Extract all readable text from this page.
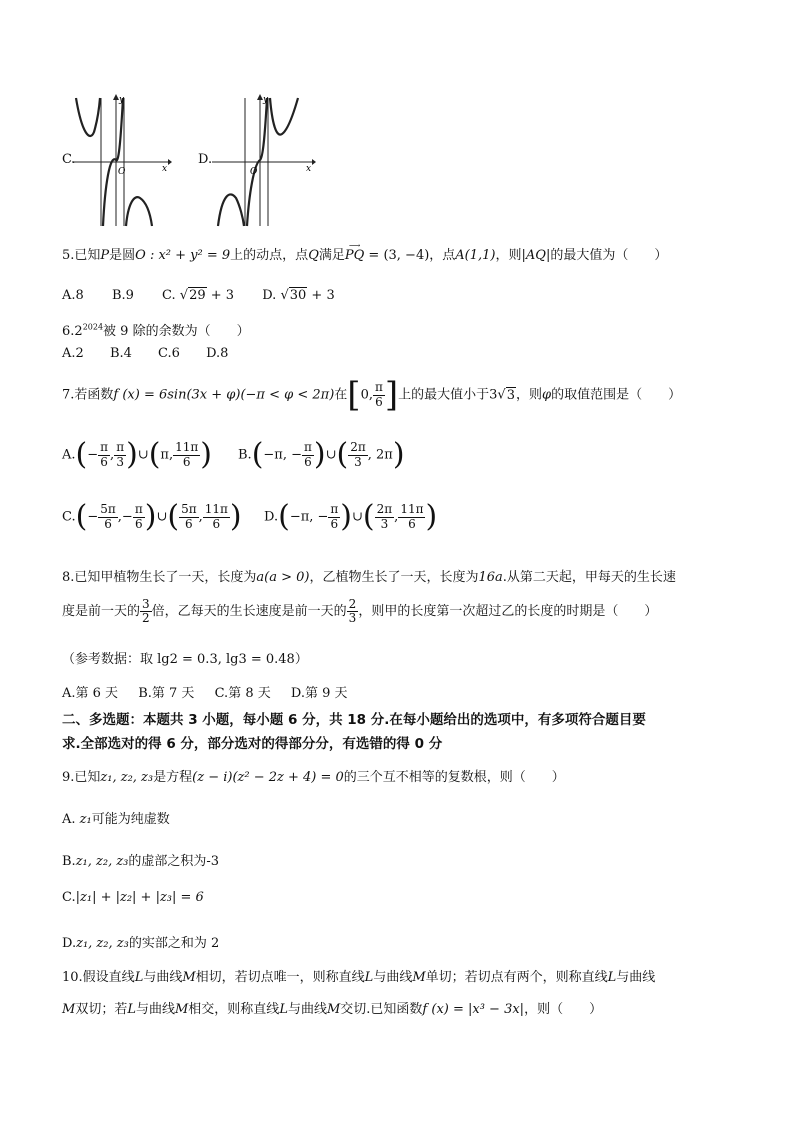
C.
O	x
y
D.
O	x
y
5.已知P是圆O : x² + y² = 9上的动点，点Q满足
⟶
PQ = (3, −4)，点A(1,1)，则|AQ|的最大值为（　　）
A.8 B.9 C. √29 + 3 D. √30 + 3
$6.2^{2024}$被 9 除的余数为（　　）
A.2 B.4 C.6 D.8
7.若函数f (x) = 6sin(3x + φ)(−π < φ < 2π)在[0, $\frac{\pi}{6}$ ]上的最大值小于3√3，则φ的取值范围是（　　）
$A.(- \frac{\pi}{6}$ , $\frac{\pi}{3}$ )∪(π, $\frac{11\pi}{6}$ ) B.(−π, − $\frac{\pi}{6}$ )∪( $\frac{2\pi}{3}$ , 2π)
$C.(- \frac{5\pi}{6}$ ,− $\frac{\pi}{6}$ )∪( $\frac{5\pi}{6}$ , $\frac{11\pi}{6}$ ) D.(−π, − $\frac{\pi}{6}$ )∪( $\frac{2\pi}{3}$ , $\frac{11\pi}{6}$ )
8.已知甲植物生长了一天，长度为a(a > 0)，乙植物生长了一天，长度为16a.从第二天起，甲每天的生长速
度是前一天的 $\frac{3}{2}$ 倍，乙每天的生长速度是前一天的 $\frac{2}{3}$ ，则甲的长度第一次超过乙的长度的时期是（　　）
（参考数据：取 lg2 = 0.3, lg3 = 0.48）
A.第 6 天 B.第 7 天 C.第 8 天 D.第 9 天
二、多选题：本题共 3 小题，每小题 6 分，共 18 分.在每小题给出的选项中，有多项符合题目要
求.全部选对的得 6 分，部分选对的得部分分，有选错的得 0 分
9.已知z₁, z₂, z₃是方程(z − i)(z² − 2z + 4) = 0的三个互不相等的复数根，则（　　）
A. z₁可能为纯虚数
B.z₁, z₂, z₃的虚部之积为-3
C.|z₁| + |z₂| + |z₃| = 6
D.z₁, z₂, z₃的实部之和为 2
10.假设直线L与曲线M相切，若切点唯一，则称直线L与曲线M单切；若切点有两个，则称直线L与曲线
M双切；若L与曲线M相交，则称直线L与曲线M交切.已知函数f (x) = |x³ − 3x|，则（　　）
